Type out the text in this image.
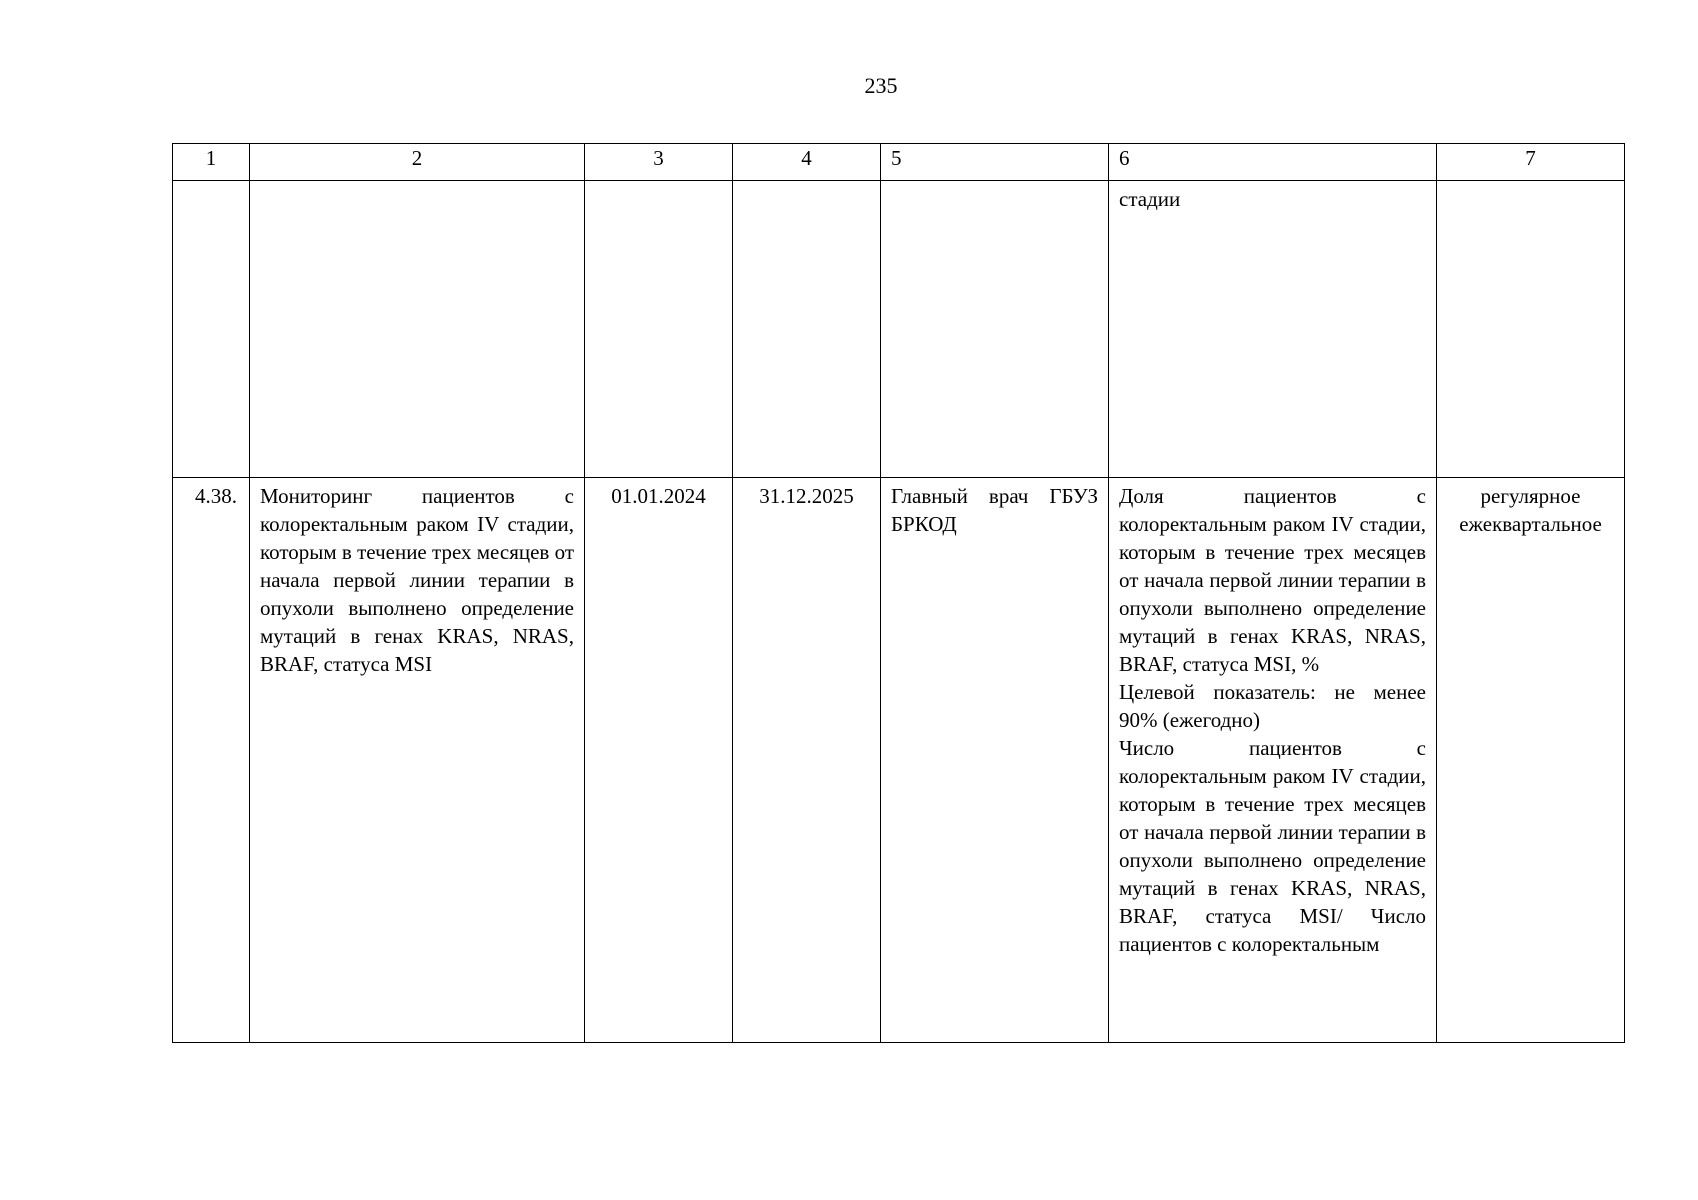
235
1	2	3	4	5	6	7
					стадии	
4.38.	Мониторинг пациентов с колоректальным раком IV стадии, которым в течение трех месяцев от начала первой линии терапии в опухоли выполнено определение мутаций в генах KRAS, NRAS, BRAF, статуса MSI	01.01.2024	31.12.2025	Главный врач ГБУЗ БРКОД	Доля пациентов с колоректальным раком IV стадии, которым в течение трех месяцев от начала первой линии терапии в опухоли выполнено определение мутаций в генах KRAS, NRAS, BRAF, статуса MSI, %
Целевой показатель: не менее 90% (ежегодно)
Число пациентов с колоректальным раком IV стадии, которым в течение трех месяцев от начала первой линии терапии в опухоли выполнено определение мутаций в генах KRAS, NRAS, BRAF, статуса MSI/ Число пациентов с колоректальным	регулярное ежеквартальное
